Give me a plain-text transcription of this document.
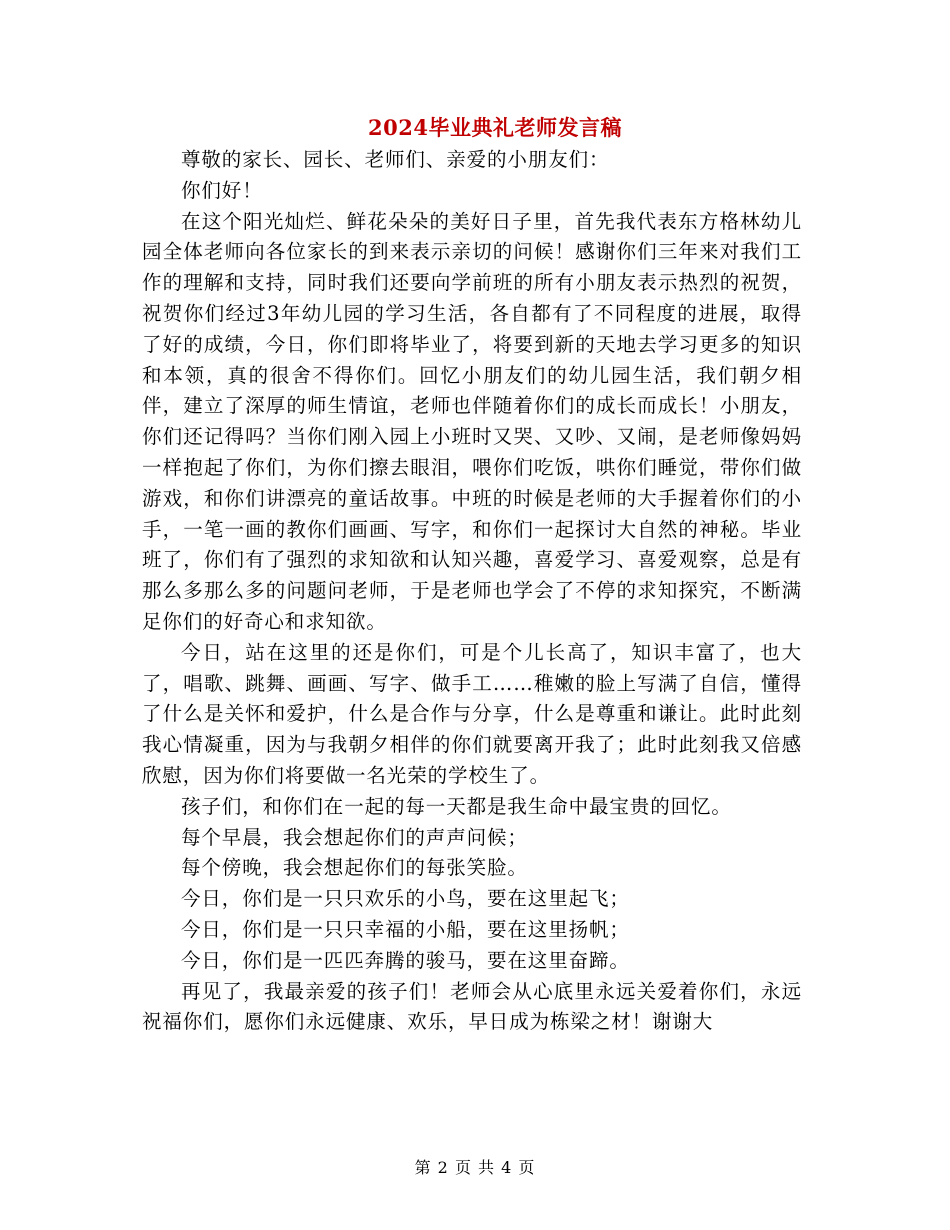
2024毕业典礼老师发言稿

尊敬的家长、园长、老师们、亲爱的小朋友们：

你们好！

在这个阳光灿烂、鲜花朵朵的美好日子里，首先我代表东方格林幼儿园全体老师向各位家长的到来表示亲切的问候！感谢你们三年来对我们工作的理解和支持，同时我们还要向学前班的所有小朋友表示热烈的祝贺，祝贺你们经过3年幼儿园的学习生活，各自都有了不同程度的进展，取得了好的成绩，今日，你们即将毕业了，将要到新的天地去学习更多的知识和本领，真的很舍不得你们。回忆小朋友们的幼儿园生活，我们朝夕相伴，建立了深厚的师生情谊，老师也伴随着你们的成长而成长！小朋友，你们还记得吗？当你们刚入园上小班时又哭、又吵、又闹，是老师像妈妈一样抱起了你们，为你们擦去眼泪，喂你们吃饭，哄你们睡觉，带你们做游戏，和你们讲漂亮的童话故事。中班的时候是老师的大手握着你们的小手，一笔一画的教你们画画、写字，和你们一起探讨大自然的神秘。毕业班了，你们有了强烈的求知欲和认知兴趣，喜爱学习、喜爱观察，总是有那么多那么多的问题问老师，于是老师也学会了不停的求知探究，不断满足你们的好奇心和求知欲。

今日，站在这里的还是你们，可是个儿长高了，知识丰富了，也大了，唱歌、跳舞、画画、写字、做手工……稚嫩的脸上写满了自信，懂得了什么是关怀和爱护，什么是合作与分享，什么是尊重和谦让。此时此刻我心情凝重，因为与我朝夕相伴的你们就要离开我了；此时此刻我又倍感欣慰，因为你们将要做一名光荣的学校生了。

孩子们，和你们在一起的每一天都是我生命中最宝贵的回忆。

每个早晨，我会想起你们的声声问候；

每个傍晚，我会想起你们的每张笑脸。

今日，你们是一只只欢乐的小鸟，要在这里起飞；

今日，你们是一只只幸福的小船，要在这里扬帆；

今日，你们是一匹匹奔腾的骏马，要在这里奋蹄。

再见了，我最亲爱的孩子们！老师会从心底里永远关爱着你们，永远祝福你们，愿你们永远健康、欢乐，早日成为栋梁之材！谢谢大

第 2 页 共 4 页
